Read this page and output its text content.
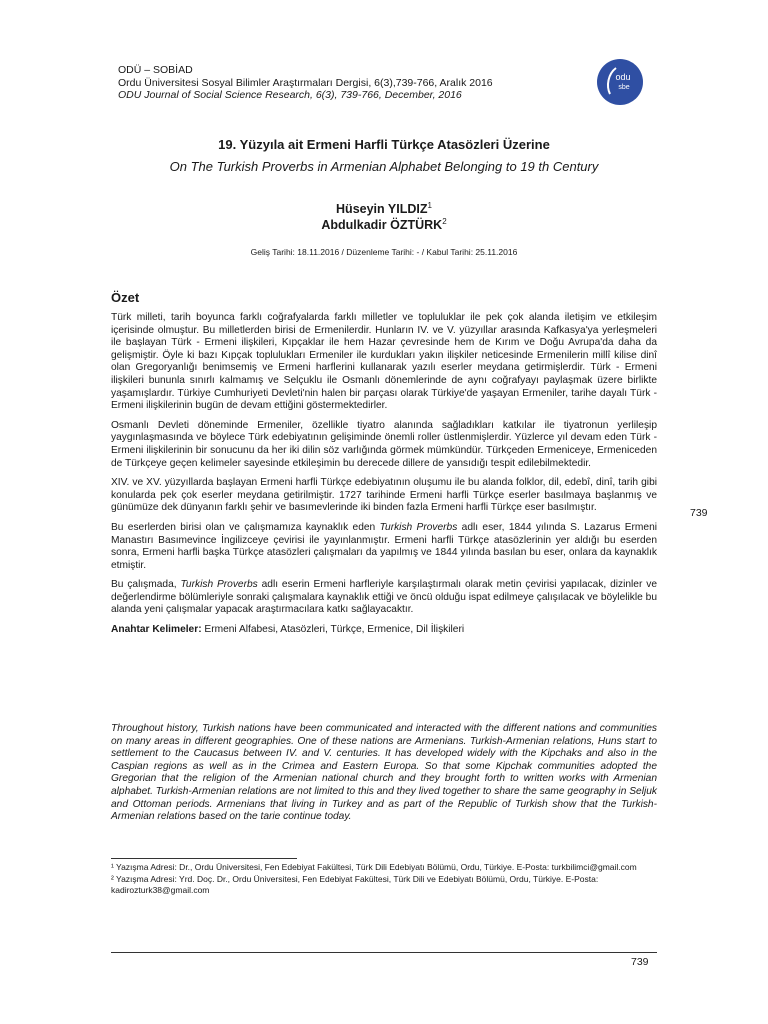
ODÜ – SOBİAD
Ordu Üniversitesi Sosyal Bilimler Araştırmaları Dergisi, 6(3),739-766, Aralık 2016
ODU Journal of Social Science Research, 6(3), 739-766, December, 2016
odu
sbe
19. Yüzyıla ait Ermeni Harfli Türkçe Atasözleri Üzerine
On The Turkish Proverbs in Armenian Alphabet Belonging to 19 th Century
Hüseyin YILDIZ$^1$
Abdulkadir ÖZTÜRK$^2$
Geliş Tarihi: 18.11.2016 / Düzenleme Tarihi: - / Kabul Tarihi: 25.11.2016
Özet

Türk milleti, tarih boyunca farklı coğrafyalarda farklı milletler ve topluluklar ile pek çok alanda iletişim ve etkileşim içerisinde olmuştur. Bu milletlerden birisi de Ermenilerdir. Hunların IV. ve V. yüzyıllar arasında Kafkasya'ya yerleşmeleri ile başlayan Türk - Ermeni ilişkileri, Kıpçaklar ile hem Hazar çevresinde hem de Kırım ve Doğu Avrupa'da daha da gelişmiştir. Öyle ki bazı Kıpçak toplulukları Ermeniler ile kurdukları yakın ilişkiler neticesinde Ermenilerin millî kilise dinî olan Gregoryanlığı benimsemiş ve Ermeni harflerini kullanarak yazılı eserler meydana getirmişlerdir. Türk - Ermeni ilişkileri bununla sınırlı kalmamış ve Selçuklu ile Osmanlı dönemlerinde de aynı coğrafyayı paylaşmak üzere birlikte yaşamışlardır. Türkiye Cumhuriyeti Devleti'nin halen bir parçası olarak Türkiye'de yaşayan Ermeniler, tarihe dayalı Türk - Ermeni ilişkilerinin bugün de devam ettiğini göstermektedirler.

Osmanlı Devleti döneminde Ermeniler, özellikle tiyatro alanında sağladıkları katkılar ile tiyatronun yerlileşip yaygınlaşmasında ve böylece Türk edebiyatının gelişiminde önemli roller üstlenmişlerdir. Yüzlerce yıl devam eden Türk - Ermeni ilişkilerinin bir sonucunu da her iki dilin söz varlığında görmek mümkündür. Türkçeden Ermeniceye, Ermeniceden de Türkçeye geçen kelimeler sayesinde etkileşimin bu derecede dillere de yansıdığı tespit edilebilmektedir.

XIV. ve XV. yüzyıllarda başlayan Ermeni harfli Türkçe edebiyatının oluşumu ile bu alanda folklor, dil, edebî, dinî, tarih gibi konularda pek çok eserler meydana getirilmiştir. 1727 tarihinde Ermeni harfli Türkçe eserler basılmaya başlanmış ve günümüze dek dünyanın farklı şehir ve basımevlerinde iki binden fazla Ermeni harfli Türkçe eser basılmıştır.

Bu eserlerden birisi olan ve çalışmamıza kaynaklık eden Turkish Proverbs adlı eser, 1844 yılında S. Lazarus Ermeni Manastırı Basımevince İngilizceye çevirisi ile yayınlanmıştır. Ermeni harfli Türkçe atasözlerinin yer aldığı bu eserden sonra, Ermeni harfli başka Türkçe atasözleri çalışmaları da yapılmış ve 1844 yılında basılan bu eser, onlara da kaynaklık etmiştir.

Bu çalışmada, Turkish Proverbs adlı eserin Ermeni harfleriyle karşılaştırmalı olarak metin çevirisi yapılacak, dizinler ve değerlendirme bölümleriyle sonraki çalışmalara kaynaklık ettiği ve öncü olduğu ispat edilmeye çalışılacak ve böylelikle bu alanda yeni çalışmalar yapacak araştırmacılara katkı sağlayacaktır.

Anahtar Kelimeler: Ermeni Alfabesi, Atasözleri, Türkçe, Ermenice, Dil İlişkileri

Throughout history, Turkish nations have been communicated and interacted with the different nations and communities on many areas in different geographies. One of these nations are Armenians. Turkish-Armenian relations, Huns start to settlement to the Caucasus between IV. and V. centuries. It has developed widely with the Kipchaks and also in the Caspian regions as well as in the Crimea and Eastern Europa. So that some Kipchak communities adopted the Gregorian that the religion of the Armenian national church and they brought forth to written works with Armenian alphabet. Turkish-Armenian relations are not limited to this and they lived together to share the same geography in Seljuk and Ottoman periods. Armenians that living in Turkey and as part of the Republic of Turkish show that the Turkish-Armenian relations based on the tarie continue today.

¹ Yazışma Adresi: Dr., Ordu Üniversitesi, Fen Edebiyat Fakültesi, Türk Dili Edebiyatı Bölümü, Ordu, Türkiye. E-Posta: turkbilimci@gmail.com

² Yazışma Adresi: Yrd. Doç. Dr., Ordu Üniversitesi, Fen Edebiyat Fakültesi, Türk Dili ve Edebiyatı Bölümü, Ordu, Türkiye. E-Posta: kadirozturk38@gmail.com

739
739
